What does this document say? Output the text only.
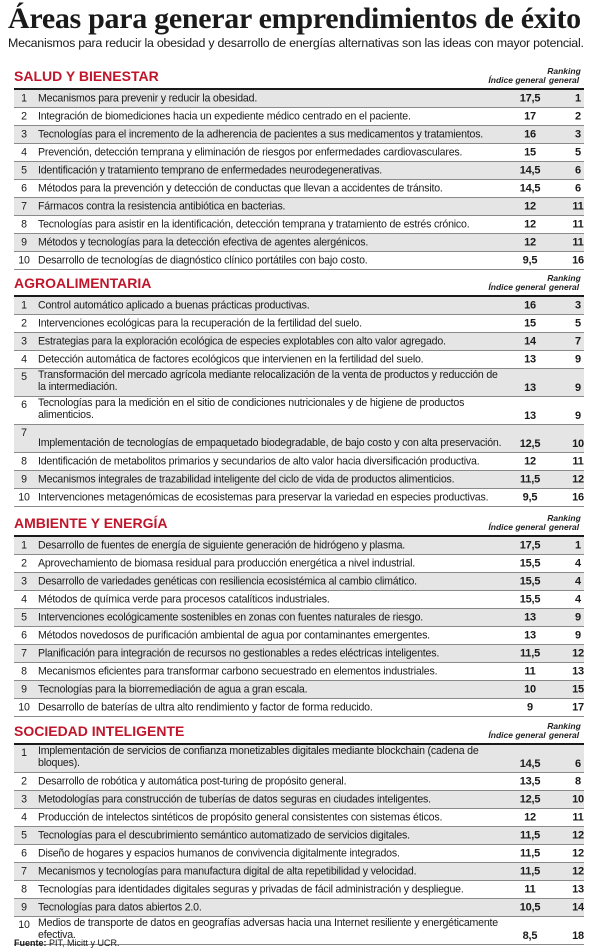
Áreas para generar emprendimientos de éxito
Mecanismos para reducir la obesidad y desarrollo de energías alternativas son las ideas con mayor potencial.
SALUD Y BIENESTAR	Índice general
Ranking general
1 Mecanismos para prevenir y reducir la obesidad.	17,5	1
2 Integración de biomediciones hacia un expediente médico centrado en el paciente.	17	2
3 Tecnologías para el incremento de la adherencia de pacientes a sus medicamentos y tratamientos.	16	3
4 Prevención, detección temprana y eliminación de riesgos por enfermedades cardiovasculares.	15	5
5 Identificación y tratamiento temprano de enfermedades neurodegenerativas.	14,5	6
6 Métodos para la prevención y detección de conductas que llevan a accidentes de tránsito.	14,5	6
7 Fármacos contra la resistencia antibiótica en bacterias.	12	11
8 Tecnologías para asistir en la identificación, detección temprana y tratamiento de estrés crónico.	12	11
9 Métodos y tecnologías para la detección efectiva de agentes alergénicos.	12	11
10 Desarrollo de tecnologías de diagnóstico clínico portátiles con bajo costo.	9,5	16
AGROALIMENTARIA	Índice general
Ranking general
1 Control automático aplicado a buenas prácticas productivas.	16	3
2 Intervenciones ecológicas para la recuperación de la fertilidad del suelo.	15	5
3 Estrategias para la exploración ecológica de especies explotables con alto valor agregado.	14	7
4 Detección automática de factores ecológicos que intervienen en la fertilidad del suelo.	13	9
5 Transformación del mercado agrícola mediante relocalización de la venta de productos y reducción de la intermediación.	13	9
6 Tecnologías para la medición en el sitio de condiciones nutricionales y de higiene de productos alimenticios.	13	9
7
Implementación de tecnologías de empaquetado biodegradable, de bajo costo y con alta preservación.	12,5	10
8 Identificación de metabolitos primarios y secundarios de alto valor hacia diversificación productiva.	12	11
9 Mecanismos integrales de trazabilidad inteligente del ciclo de vida de productos alimenticios.	11,5	12
10 Intervenciones metagenómicas de ecosistemas para preservar la variedad en especies productivas.	9,5	16
AMBIENTE Y ENERGÍA	Índice general
Ranking general
1 Desarrollo de fuentes de energía de siguiente generación de hidrógeno y plasma.	17,5	1
2 Aprovechamiento de biomasa residual para producción energética a nivel industrial.	15,5	4
3 Desarrollo de variedades genéticas con resiliencia ecosistémica al cambio climático.	15,5	4
4 Métodos de química verde para procesos catalíticos industriales.	15,5	4
5 Intervenciones ecológicamente sostenibles en zonas con fuentes naturales de riesgo.	13	9
6 Métodos novedosos de purificación ambiental de agua por contaminantes emergentes.	13	9
7 Planificación para integración de recursos no gestionables a redes eléctricas inteligentes.	11,5	12
8 Mecanismos eficientes para transformar carbono secuestrado en elementos industriales.	11	13
9 Tecnologías para la biorremediación de agua a gran escala.	10	15
10 Desarrollo de baterías de ultra alto rendimiento y factor de forma reducido.	9	17
SOCIEDAD INTELIGENTE	Índice general
Ranking general
1 Implementación de servicios de confianza monetizables digitales mediante blockchain (cadena de bloques).	14,5	6
2 Desarrollo de robótica y automática post-turing de propósito general.	13,5	8
3 Metodologías para construcción de tuberías de datos seguras en ciudades inteligentes.	12,5	10
4 Producción de intelectos sintéticos de propósito general consistentes con sistemas éticos.	12	11
5 Tecnologías para el descubrimiento semántico automatizado de servicios digitales.	11,5	12
6 Diseño de hogares y espacios humanos de convivencia digitalmente integrados.	11,5	12
7 Mecanismos y tecnologías para manufactura digital de alta repetibilidad y velocidad.	11,5	12
8 Tecnologías para identidades digitales seguras y privadas de fácil administración y despliegue.	11	13
9 Tecnologías para datos abiertos 2.0.	10,5	14
10 Medios de transporte de datos en geografías adversas hacia una Internet resiliente y energéticamente efectiva.	8,5	18
Fuente: PIT, Micitt y UCR.
